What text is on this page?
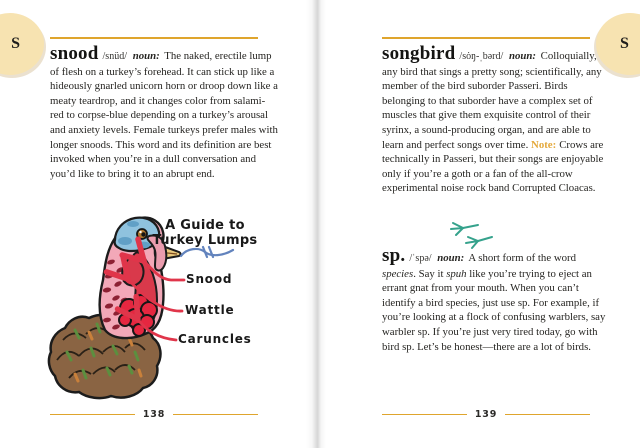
snood /snüd/ noun: The naked, erectile lump of flesh on a turkey’s forehead. It can stick up like a hideously gnarled unicorn horn or droop down like a meaty teardrop, and it changes color from salami-red to corpse-blue depending on a turkey’s arousal and anxiety levels. Female turkeys prefer males with longer snoods. This word and its definition are best invoked when you’re in a dull conversation and you’d like to bring it to an abrupt end.

A Guide to
Turkey Lumps
Snood
Wattle
Caruncles
138

songbird /sȯŋ-ˌbərd/ noun: Colloquially, any bird that sings a pretty song; scientifically, any member of the bird suborder Passeri. Birds belonging to that suborder have a complex set of muscles that give them exquisite control of their syrinx, a sound-producing organ, and are able to learn and perfect songs over time. Note: Crows are technically in Passeri, but their songs are enjoyable only if you’re a goth or a fan of the all-crow experimental noise rock band Corrupted Cloacas.

sp. /ˈspə/ noun: A short form of the word species. Say it spuh like you’re trying to eject an errant gnat from your mouth. When you can’t identify a bird species, just use sp. For example, if you’re looking at a flock of confusing warblers, say warbler sp. If you’re just very tired today, go with bird sp. Let’s be honest—there are a lot of birds.

139
S	S
